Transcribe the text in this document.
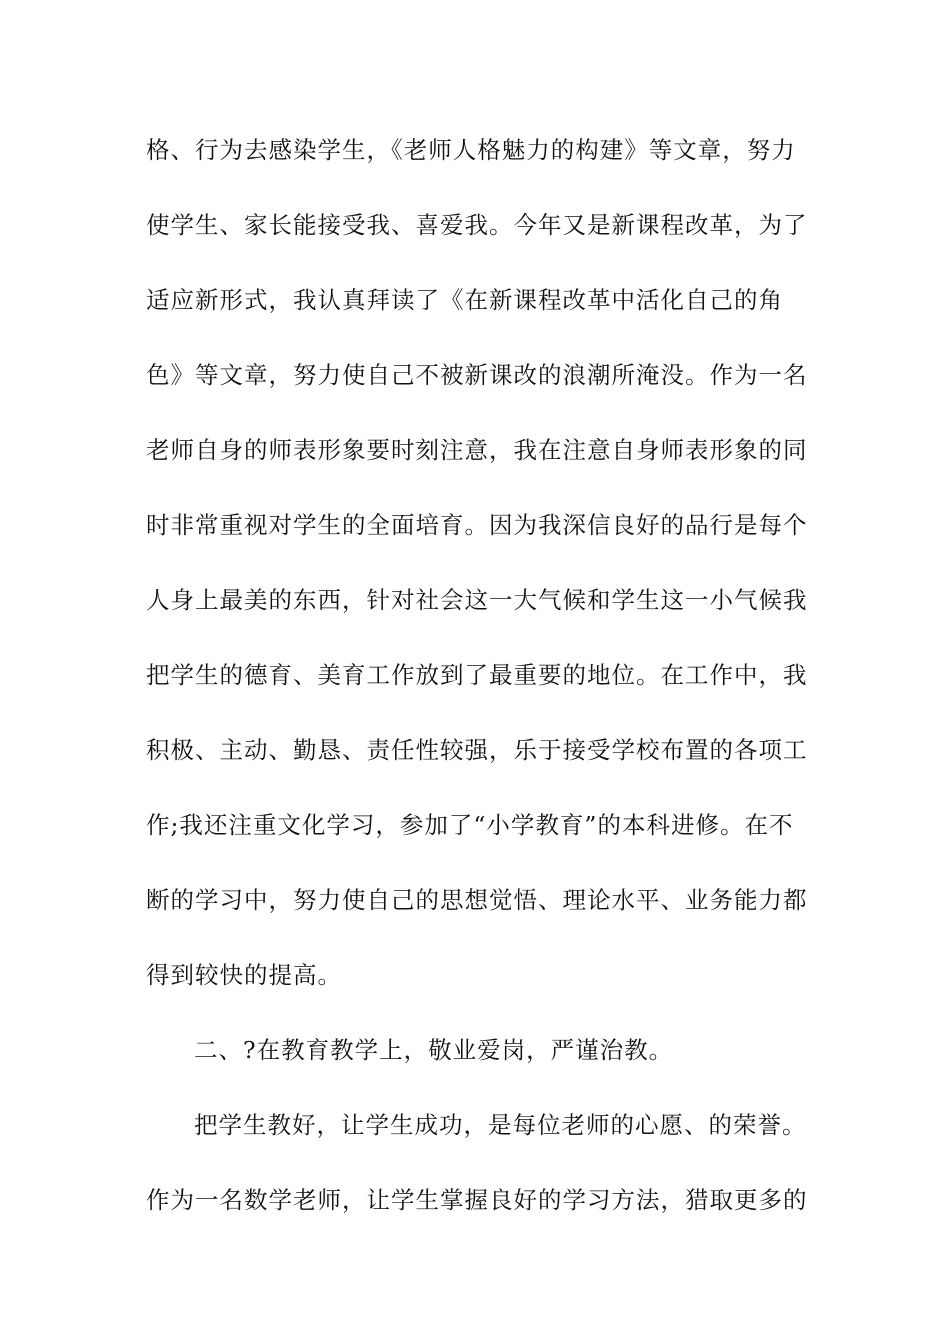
格、行为去感染学生，《老师人格魅力的构建》等文章，努力
使学生、家长能接受我、喜爱我。今年又是新课程改革，为了
适应新形式，我认真拜读了《在新课程改革中活化自己的角
色》等文章，努力使自己不被新课改的浪潮所淹没。作为一名
老师自身的师表形象要时刻注意，我在注意自身师表形象的同
时非常重视对学生的全面培育。因为我深信良好的品行是每个
人身上最美的东西，针对社会这一大气候和学生这一小气候我
把学生的德育、美育工作放到了最重要的地位。在工作中，我
积极、主动、勤恳、责任性较强，乐于接受学校布置的各项工
作;我还注重文化学习，参加了“小学教育”的本科进修。在不
断的学习中，努力使自己的思想觉悟、理论水平、业务能力都
得到较快的提高。
二、?在教育教学上，敬业爱岗，严谨治教。
把学生教好，让学生成功，是每位老师的心愿、的荣誉。
作为一名数学老师，让学生掌握良好的学习方法，猎取更多的
